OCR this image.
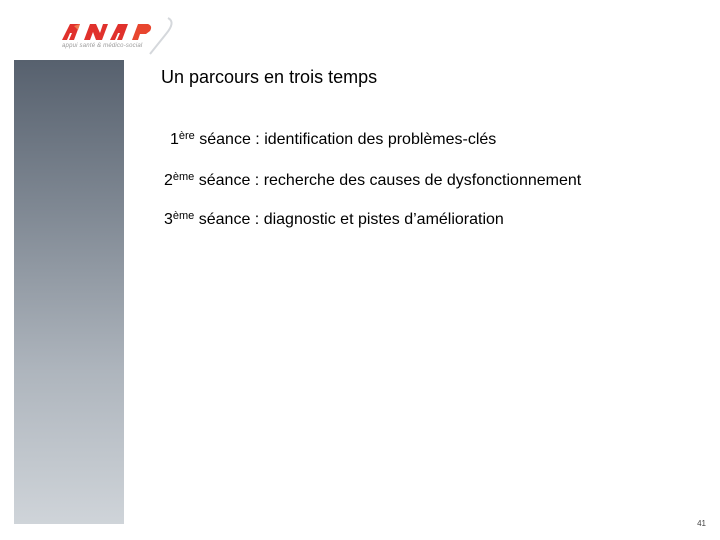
appui santé & médico-social
Un parcours en trois temps
1ère séance : identification des problèmes-clés
2ème séance : recherche des causes de dysfonctionnement
3ème séance : diagnostic et pistes d’amélioration
41
